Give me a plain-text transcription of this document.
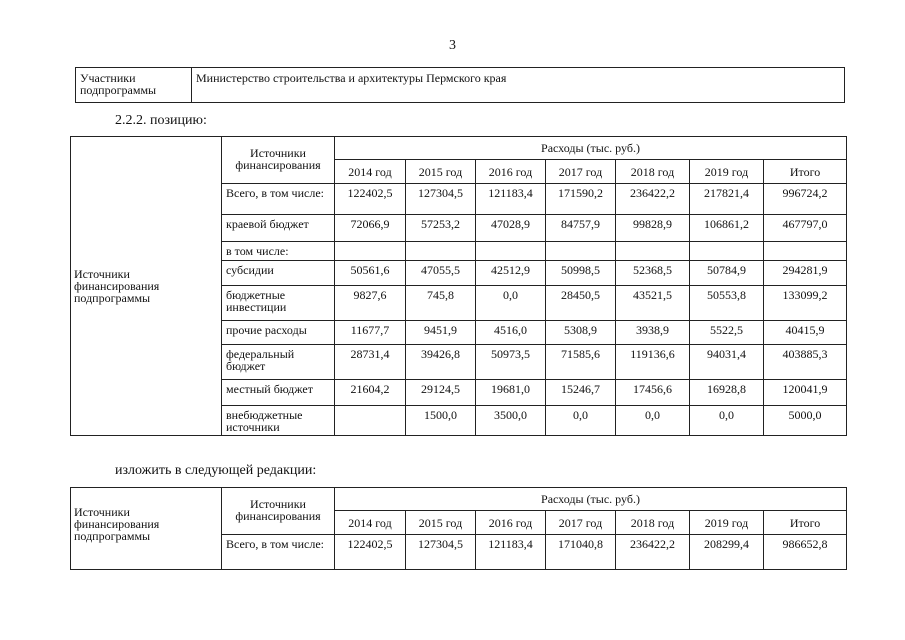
3
Участники подпрограммы	Министерство строительства и архитектуры Пермского края
2.2.2. позицию:
Источники финансирования подпрограммы	Источники финансирования	Расходы (тыс. руб.)						
		2014 год	2015 год	2016 год	2017 год	2018 год	2019 год	Итого
	Всего, в том числе:	122402,5	127304,5	121183,4	171590,2	236422,2	217821,4	996724,2
	краевой бюджет	72066,9	57253,2	47028,9	84757,9	99828,9	106861,2	467797,0
	в том числе:							
	субсидии	50561,6	47055,5	42512,9	50998,5	52368,5	50784,9	294281,9
	бюджетные инвестиции	9827,6	745,8	0,0	28450,5	43521,5	50553,8	133099,2
	прочие расходы	11677,7	9451,9	4516,0	5308,9	3938,9	5522,5	40415,9
	федеральный бюджет	28731,4	39426,8	50973,5	71585,6	119136,6	94031,4	403885,3
	местный бюджет	21604,2	29124,5	19681,0	15246,7	17456,6	16928,8	120041,9
	внебюджетные источники		1500,0	3500,0	0,0	0,0	0,0	5000,0
изложить в следующей редакции:
Источники финансирования подпрограммы	Источники финансирования	Расходы (тыс. руб.)						
		2014 год	2015 год	2016 год	2017 год	2018 год	2019 год	Итого
	Всего, в том числе:	122402,5	127304,5	121183,4	171040,8	236422,2	208299,4	986652,8
